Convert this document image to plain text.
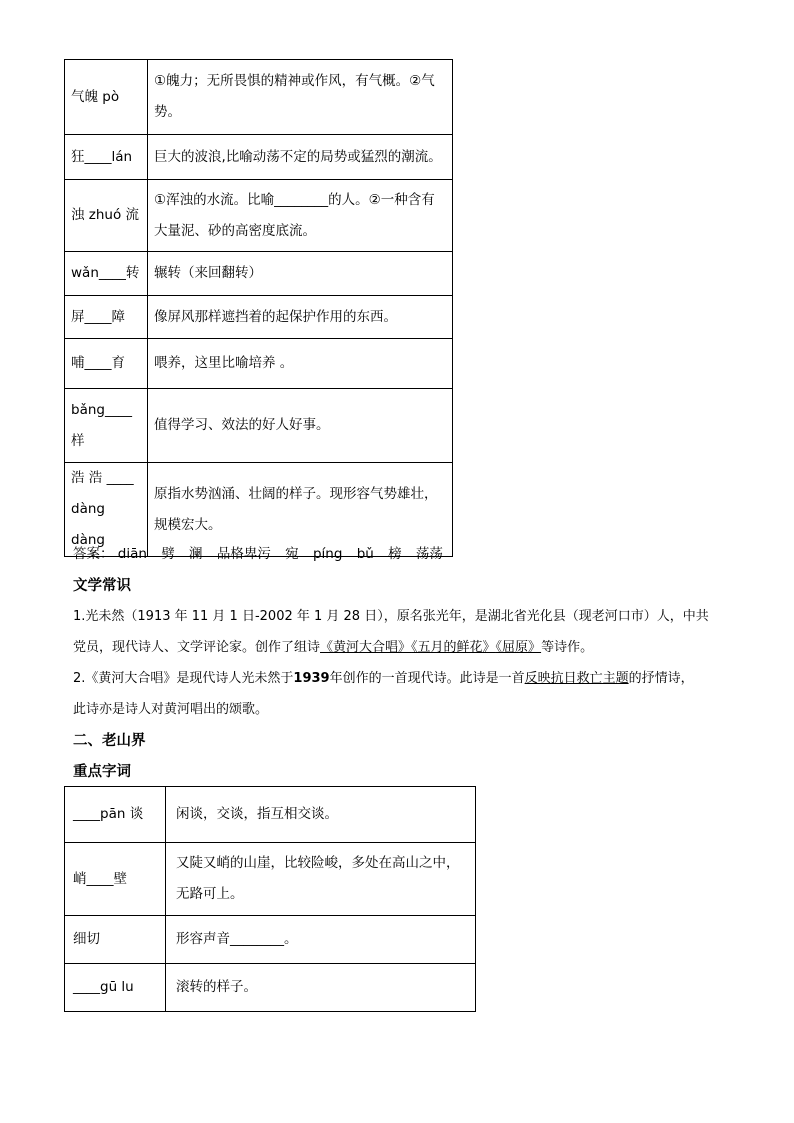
气魄 pò	①魄力；无所畏惧的精神或作风，有气概。②气势。
狂____lán	巨大的波浪,比喻动荡不定的局势或猛烈的潮流。
浊 zhuó 流	①浑浊的水流。比喻________的人。②一种含有大量泥、砂的高密度底流。
wǎn____转	辗转（来回翻转）
屏____障	像屏风那样遮挡着的起保护作用的东西。
哺____育	喂养，这里比喻培养 。
bǎng____样	值得学习、效法的好人好事。
浩 浩 ____ dàng dàng	原指水势汹涌、壮阔的样子。现形容气势雄壮，规模宏大。
答案： diān 劈 澜 品格卑污 宛 píng bǔ 榜 荡荡
文学常识
1.光未然（1913 年 11 月 1 日-2002 年 1 月 28 日），原名张光年，是湖北省光化县（现老河口市）人，中共
党员，现代诗人、文学评论家。创作了组诗《黄河大合唱》《五月的鲜花》《屈原》等诗作。
2.《黄河大合唱》是现代诗人光未然于1939年创作的一首现代诗。此诗是一首反映抗日救亡主题的抒情诗，
此诗亦是诗人对黄河唱出的颂歌。
二、老山界
重点字词
____pān 谈	闲谈，交谈，指互相交谈。
峭____壁	又陡又峭的山崖，比较险峻，多处在高山之中，无路可上。
细切	形容声音________。
____gū lu	滚转的样子。
